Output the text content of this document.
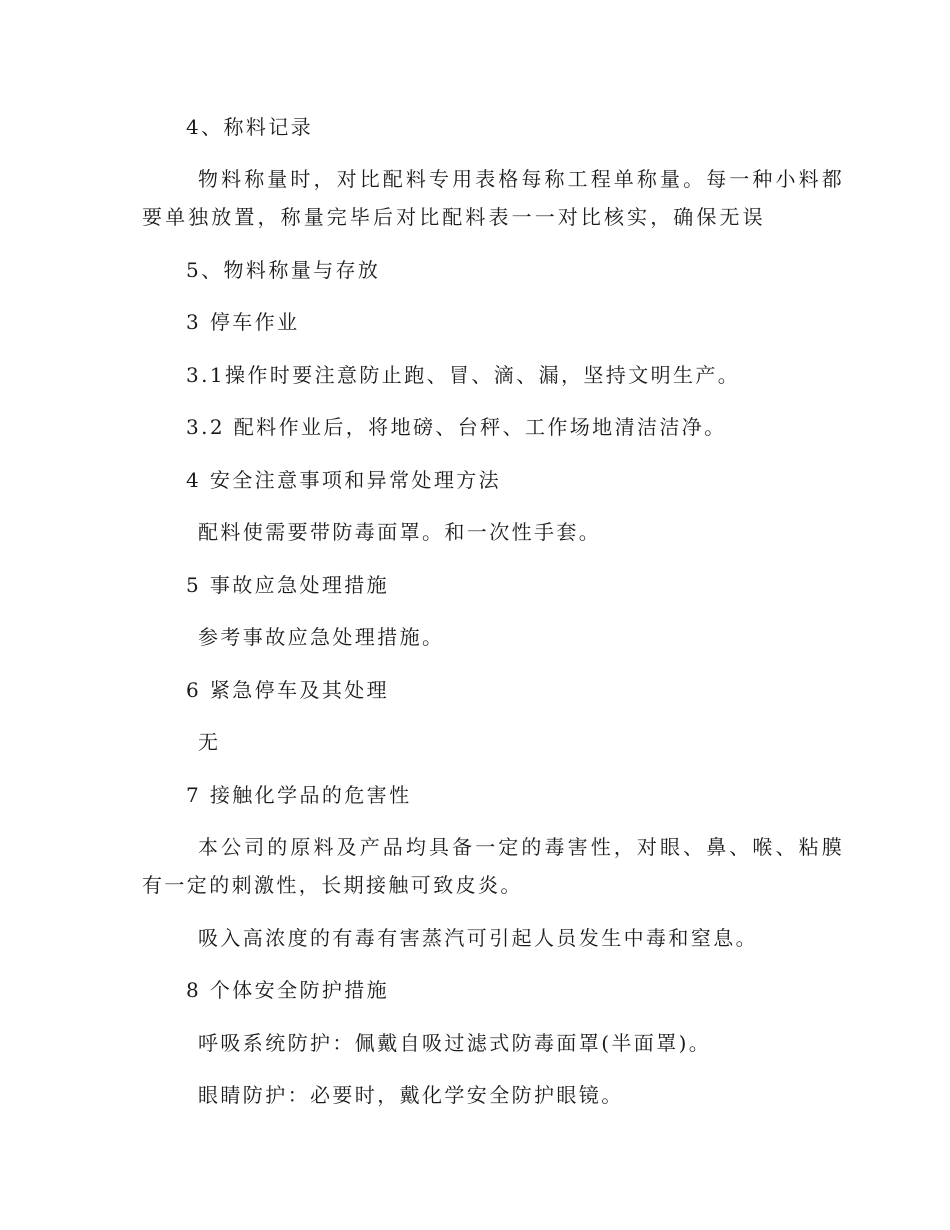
4、称料记录
物料称量时，对比配料专用表格每称工程单称量。每一种小料都
要单独放置，称量完毕后对比配料表一一对比核实，确保无误
5、物料称量与存放
3 停车作业
3.1操作时要注意防止跑、冒、滴、漏，坚持文明生产。
3.2 配料作业后，将地磅、台秤、工作场地清洁洁净。
4 安全注意事项和异常处理方法
配料使需要带防毒面罩。和一次性手套。
5 事故应急处理措施
参考事故应急处理措施。
6 紧急停车及其处理
无
7 接触化学品的危害性
本公司的原料及产品均具备一定的毒害性，对眼、鼻、喉、粘膜
有一定的刺激性，长期接触可致皮炎。
吸入高浓度的有毒有害蒸汽可引起人员发生中毒和窒息。
8 个体安全防护措施
呼吸系统防护：佩戴自吸过滤式防毒面罩(半面罩)。
眼睛防护：必要时，戴化学安全防护眼镜。
